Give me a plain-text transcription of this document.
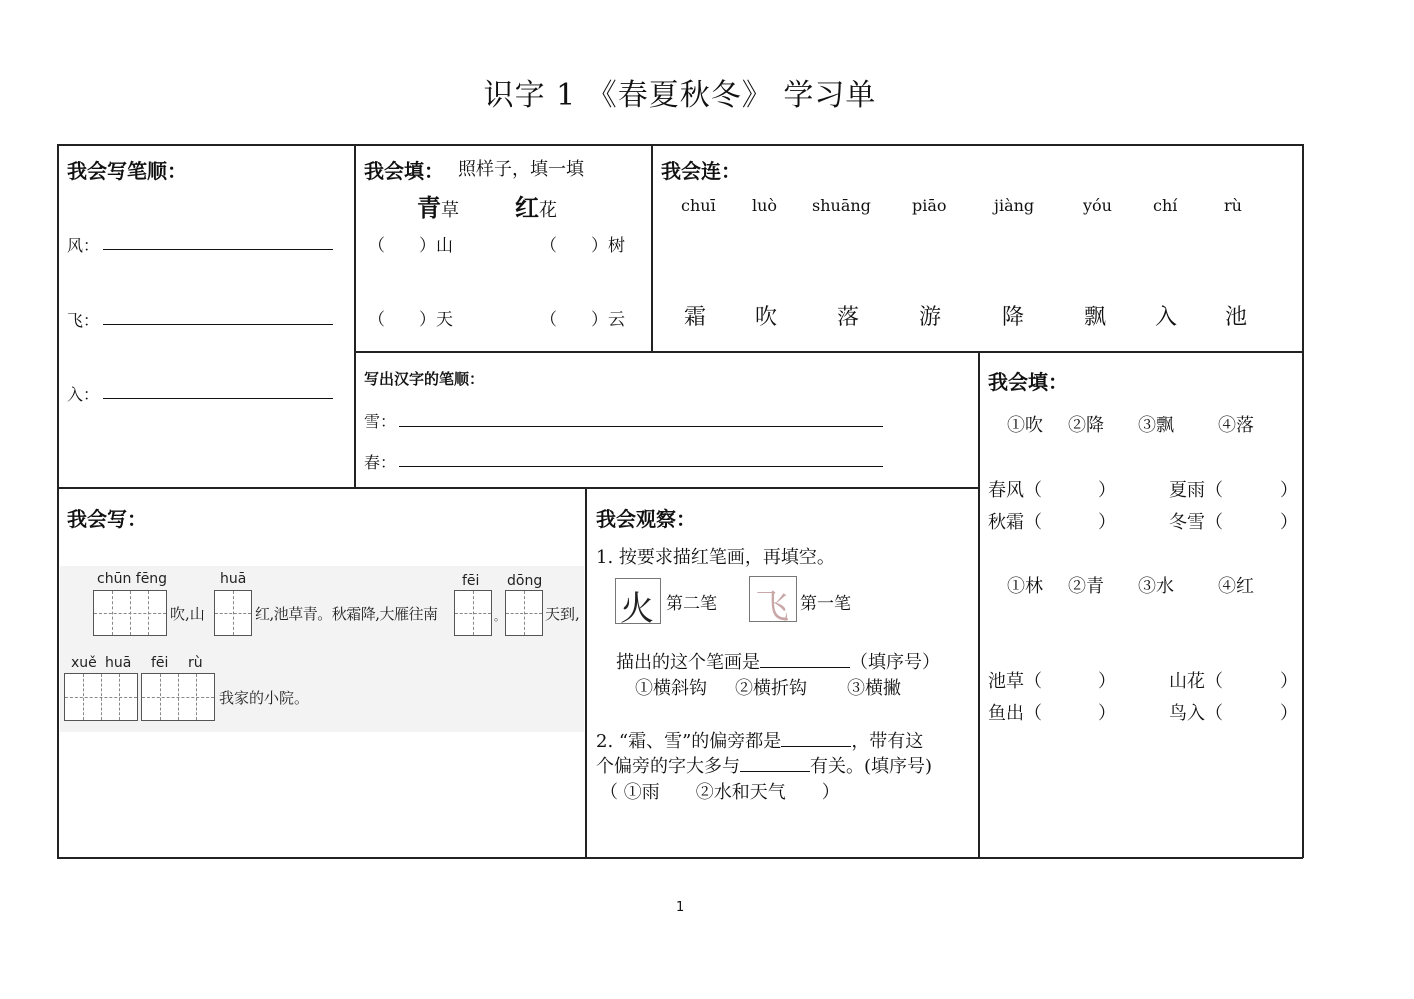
识字 1 《春夏秋冬》 学习单
我会写笔顺：
风：
飞：
入：
我会填： 照样子，填一填
青草 红花
（　　）山	（　　）树
（　　）天	（　　）云
我会连：
chuī luò shuāng	piāo	jiàng	yóu	chí	rù
霜 吹	落	游	降	飘 入 池
写出汉字的笔顺：
雪：
春：
我会填：
①吹 ②降 ③飘 ④落
春风（	）	夏雨（	）
秋霜（	）	冬雪（	）
①林 ②青 ③水 ④红
池草（	）	山花（	）
鱼出（	）	鸟入（	）
我会写：
chūn fēng	huā	fēi dōng
吹,山	红,池草青。秋霜降,大雁往南	。	天到,
xuě huā fēi rù
我家的小院。
我会观察：
1. 按要求描红笔画，再填空。
火 第二笔 飞 第一笔
描出的这个笔画是	（填序号）
①横斜钩 ②横折钩 ③横撇
2. “霜、雪”的偏旁都是	，带有这
个偏旁的字大多与	有关。(填序号)
（ ①雨　　②水和天气　　）
1
